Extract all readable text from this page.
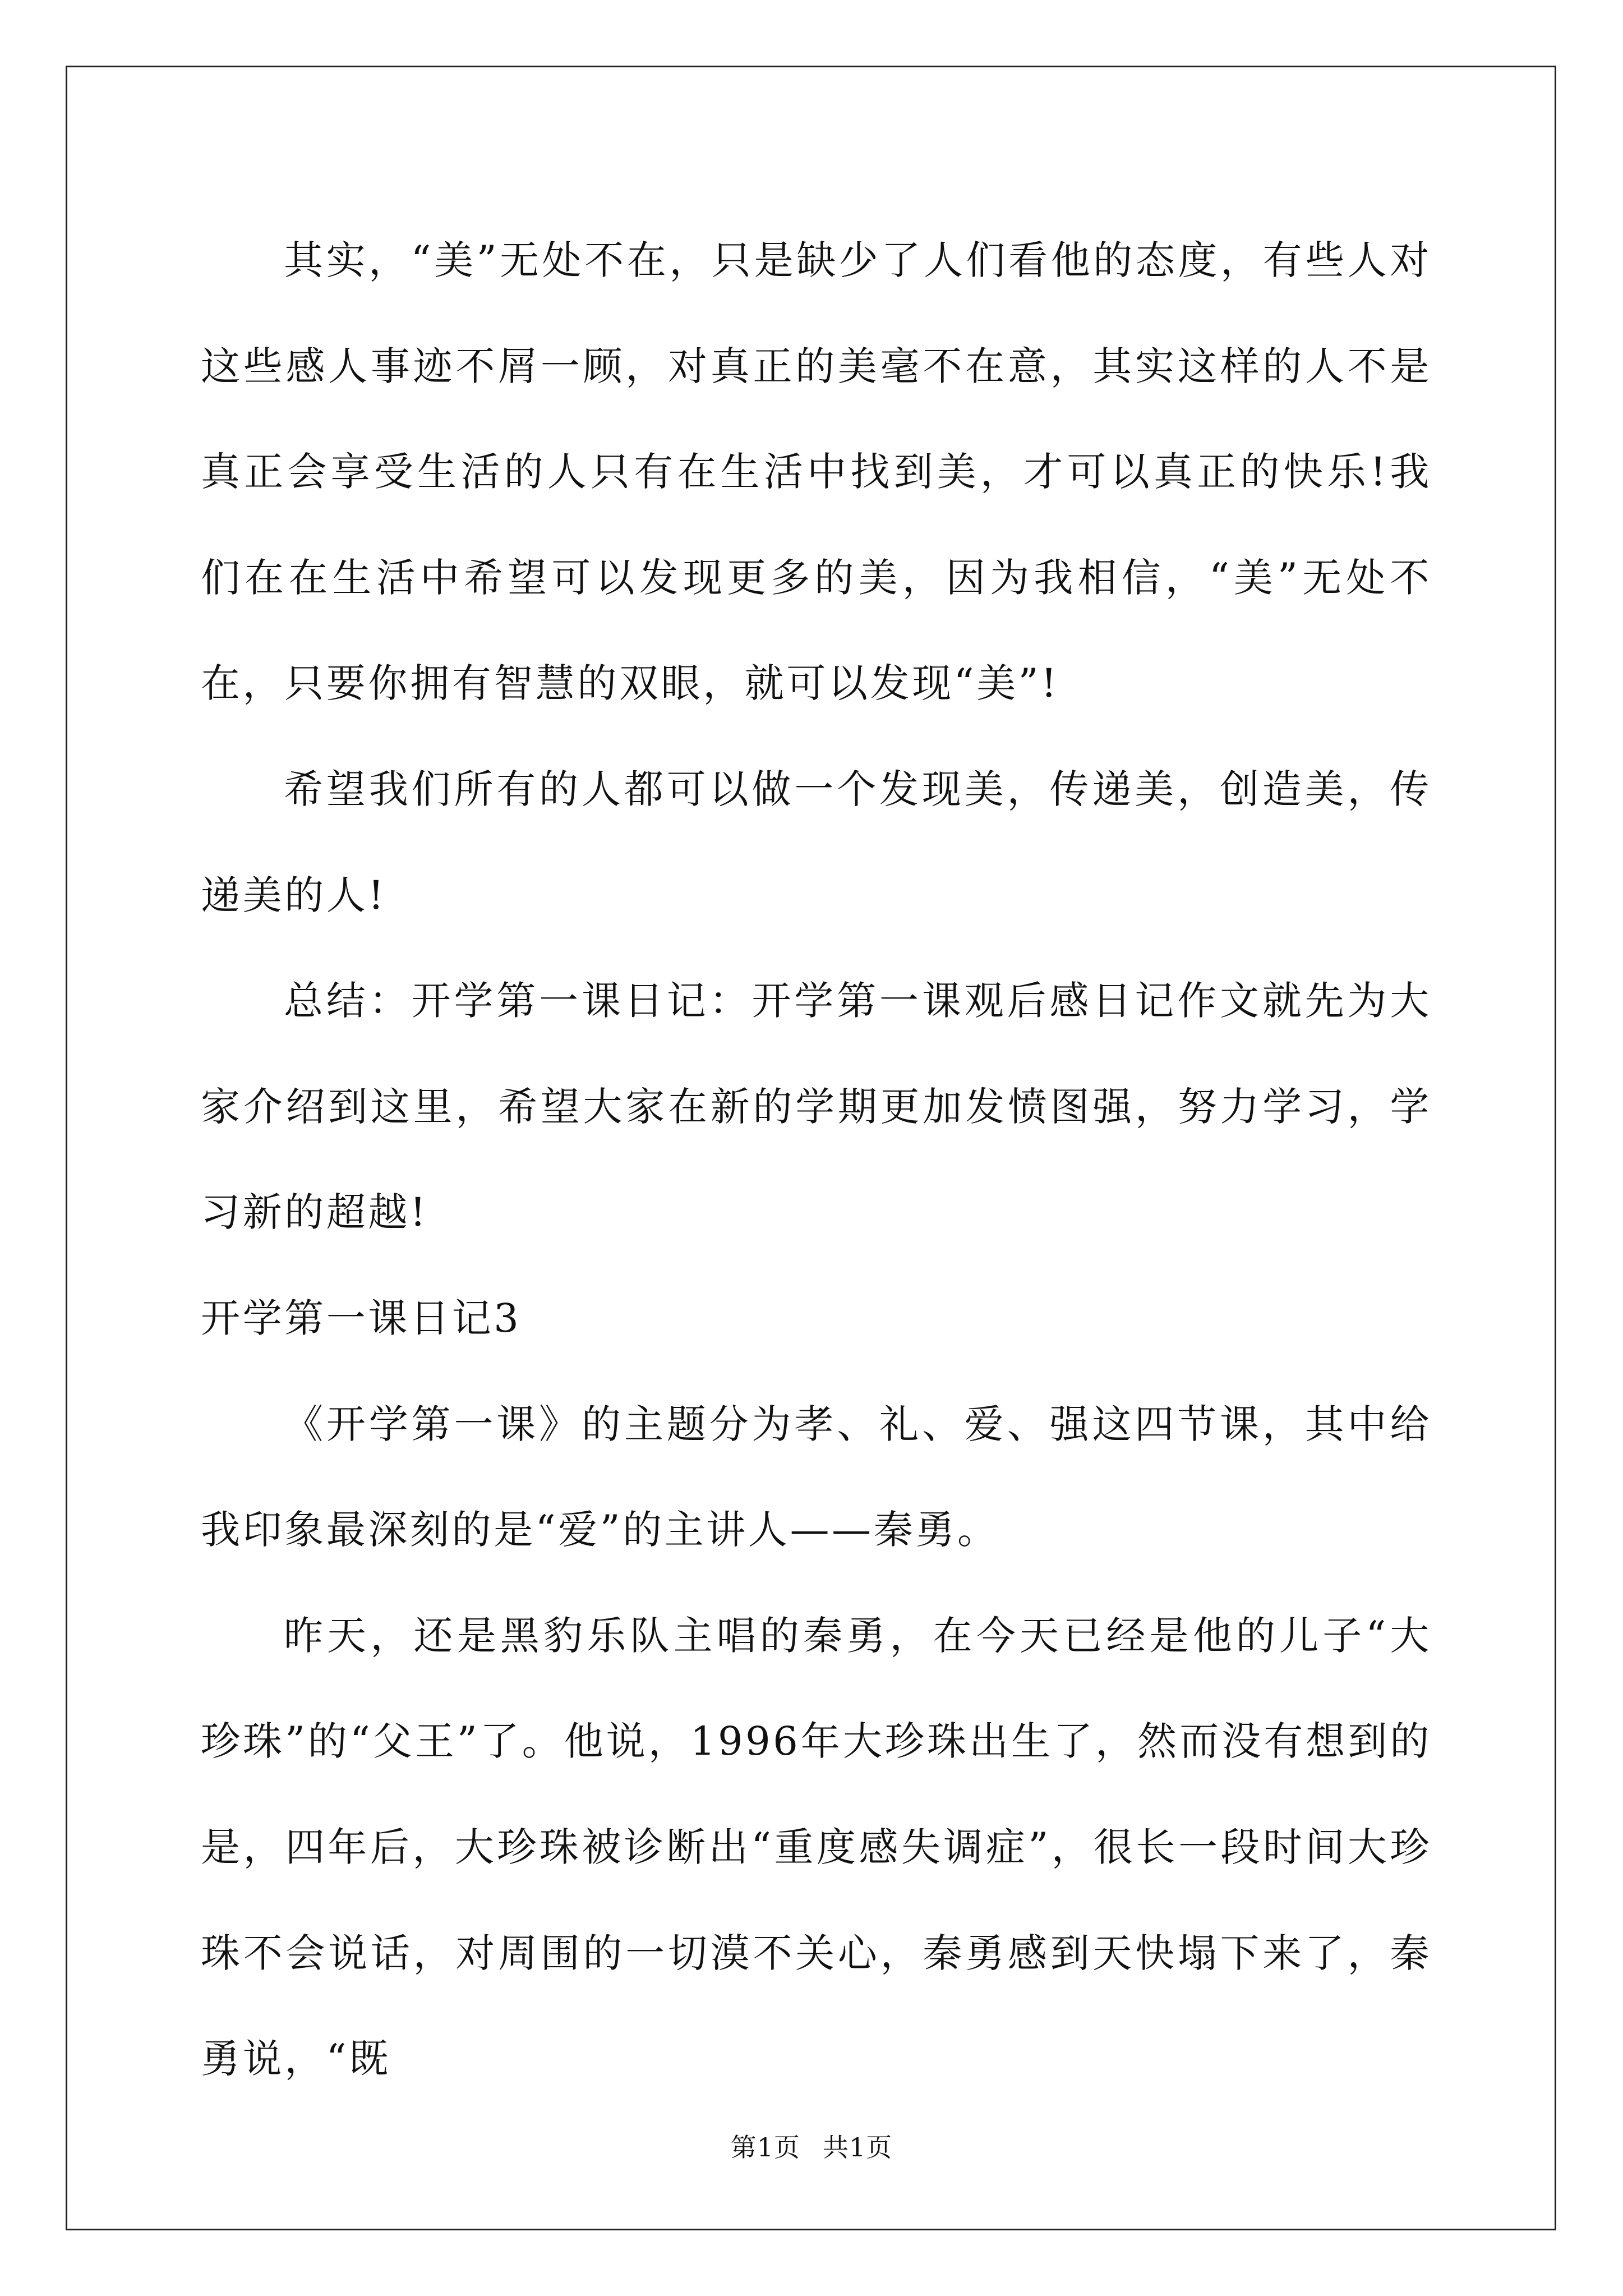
其实，“美”无处不在，只是缺少了人们看他的态度，有些人对这些感人事迹不屑一顾，对真正的美毫不在意，其实这样的人不是真正会享受生活的人只有在生活中找到美，才可以真正的快乐!我们在在生活中希望可以发现更多的美，因为我相信，“美”无处不在，只要你拥有智慧的双眼，就可以发现“美”!

希望我们所有的人都可以做一个发现美，传递美，创造美，传递美的人!

总结：开学第一课日记：开学第一课观后感日记作文就先为大家介绍到这里，希望大家在新的学期更加发愤图强，努力学习，学习新的超越!

开学第一课日记3

《开学第一课》的主题分为孝、礼、爱、强这四节课，其中给我印象最深刻的是“爱”的主讲人——秦勇。

昨天，还是黑豹乐队主唱的秦勇，在今天已经是他的儿子“大珍珠”的“父王”了。他说，1996年大珍珠出生了，然而没有想到的是，四年后，大珍珠被诊断出“重度感失调症”，很长一段时间大珍珠不会说话，对周围的一切漠不关心，秦勇感到天快塌下来了，秦勇说，“既

第1页 共1页
